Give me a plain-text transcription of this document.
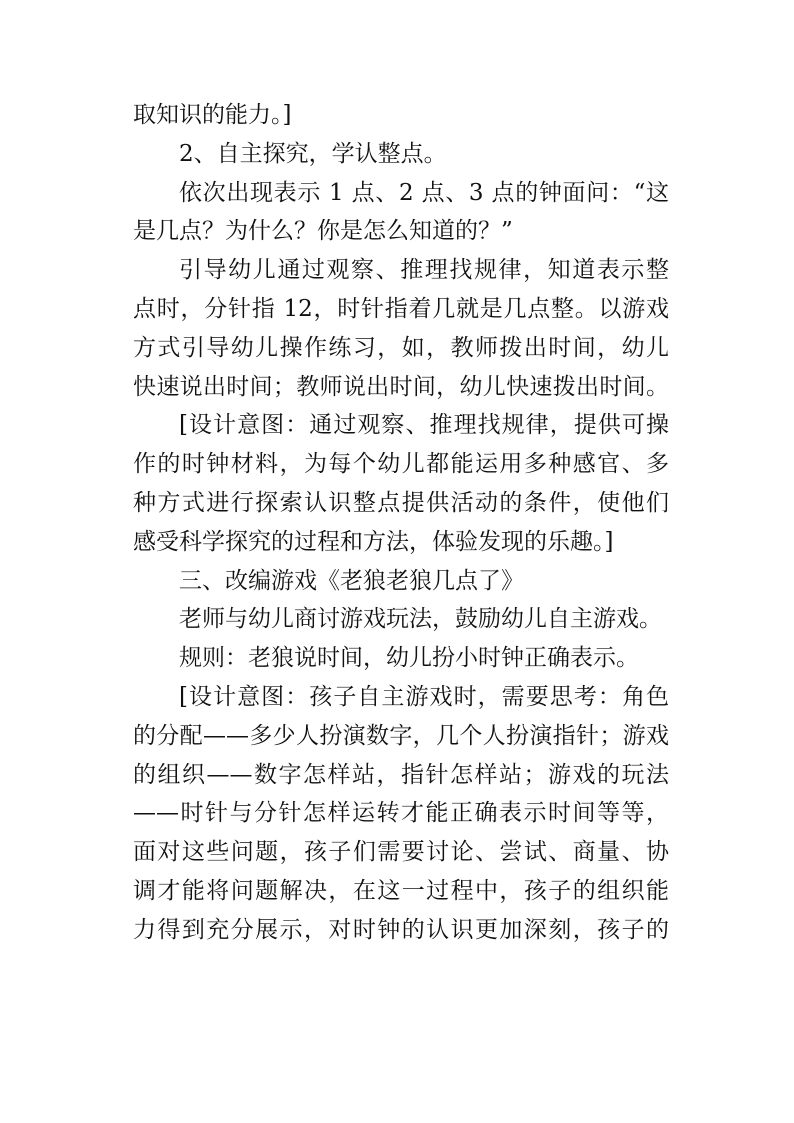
取知识的能力。]
2、自主探究，学认整点。
依次出现表示 1 点、2 点、3 点的钟面问：“这
是几点？为什么？你是怎么知道的？”
引导幼儿通过观察、推理找规律，知道表示整
点时，分针指 12，时针指着几就是几点整。以游戏
方式引导幼儿操作练习，如，教师拨出时间，幼儿
快速说出时间；教师说出时间，幼儿快速拨出时间。
[设计意图：通过观察、推理找规律，提供可操
作的时钟材料，为每个幼儿都能运用多种感官、多
种方式进行探索认识整点提供活动的条件，使他们
感受科学探究的过程和方法，体验发现的乐趣。]
三、改编游戏《老狼老狼几点了》
老师与幼儿商讨游戏玩法，鼓励幼儿自主游戏。
规则：老狼说时间，幼儿扮小时钟正确表示。
[设计意图：孩子自主游戏时，需要思考：角色
的分配——多少人扮演数字，几个人扮演指针；游戏
的组织——数字怎样站，指针怎样站；游戏的玩法
——时针与分针怎样运转才能正确表示时间等等，
面对这些问题，孩子们需要讨论、尝试、商量、协
调才能将问题解决，在这一过程中，孩子的组织能
力得到充分展示，对时钟的认识更加深刻，孩子的
